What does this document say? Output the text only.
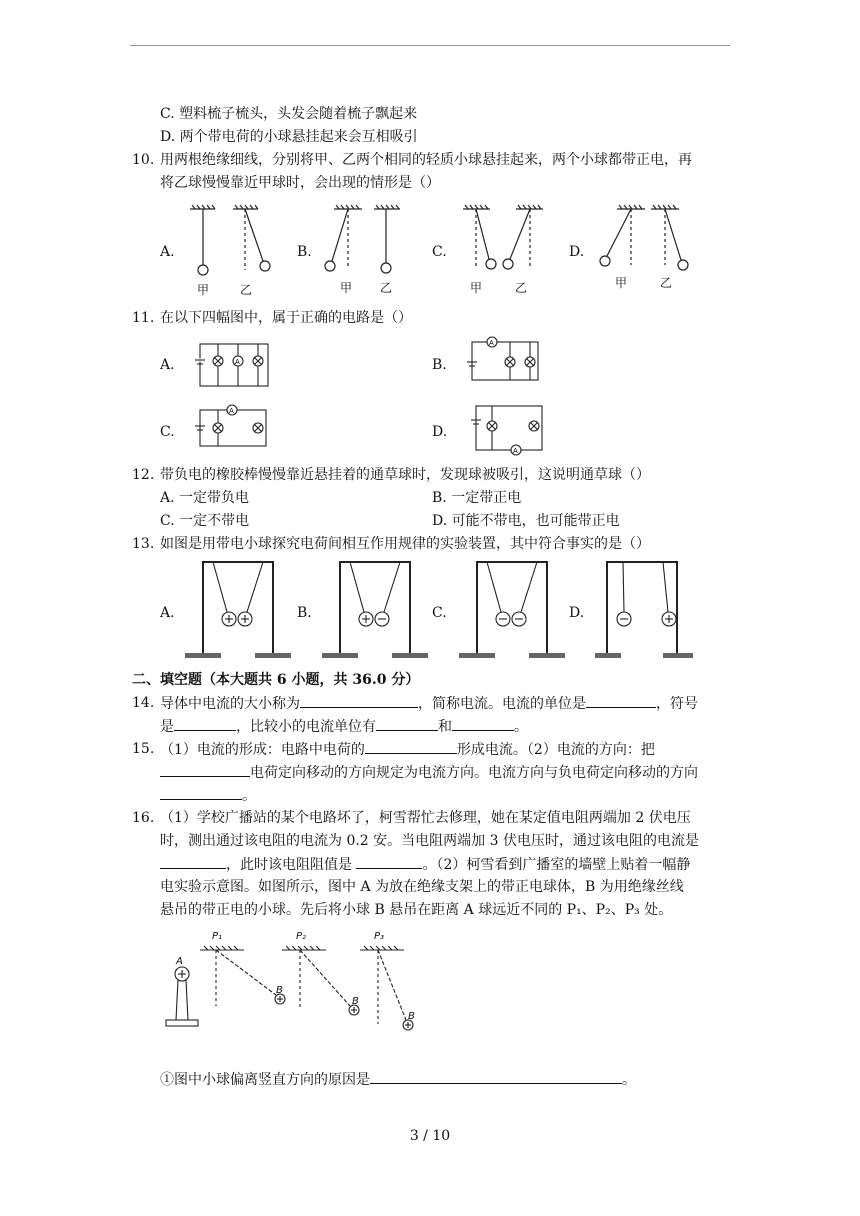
C. 塑料梳子梳头，头发会随着梳子飘起来
D. 两个带电荷的小球悬挂起来会互相吸引
10. 用两根绝缘细线，分别将甲、乙两个相同的轻质小球悬挂起来，两个小球都带正电，再
将乙球慢慢靠近甲球时，会出现的情形是（）
A.	B.	C.	D.
甲	乙	甲 乙	甲	乙	甲	乙
11. 在以下四幅图中，属于正确的电路是（）
A.	B.
C.	D.
A
A
A
A
12. 带负电的橡胶棒慢慢靠近悬挂着的通草球时，发现球被吸引，这说明通草球（）
A. 一定带负电	B. 一定带正电
C. 一定不带电	D. 可能不带电，也可能带正电
13. 如图是用带电小球探究电荷间相互作用规律的实验装置，其中符合事实的是（）
A.	B.	C.	D.
二、填空题（本大题共 6 小题，共 36.0 分）
14. 导体中电流的大小称为	，简称电流。电流的单位是	，符号
是	，比较小的电流单位有	和	。
15. （1）电流的形成：电路中电荷的	形成电流。（2）电流的方向：把
电荷定向移动的方向规定为电流方向。电流方向与负电荷定向移动的方向
。
16. （1）学校广播站的某个电路坏了，柯雪帮忙去修理，她在某定值电阻两端加 2 伏电压
时，测出通过该电阻的电流为 0.2 安。当电阻两端加 3 伏电压时，通过该电阻的电流是
，此时该电阻阻值是	。（2）柯雪看到广播室的墙壁上贴着一幅静
电实验示意图。如图所示，图中 A 为放在绝缘支架上的带正电球体，B 为用绝缘丝线
悬吊的带正电的小球。先后将小球 B 悬吊在距离 A 球远近不同的 P₁、P₂、P₃ 处。
A
P₁	P₂	P₃
B
B
B
①图中小球偏离竖直方向的原因是	。
3 / 10
